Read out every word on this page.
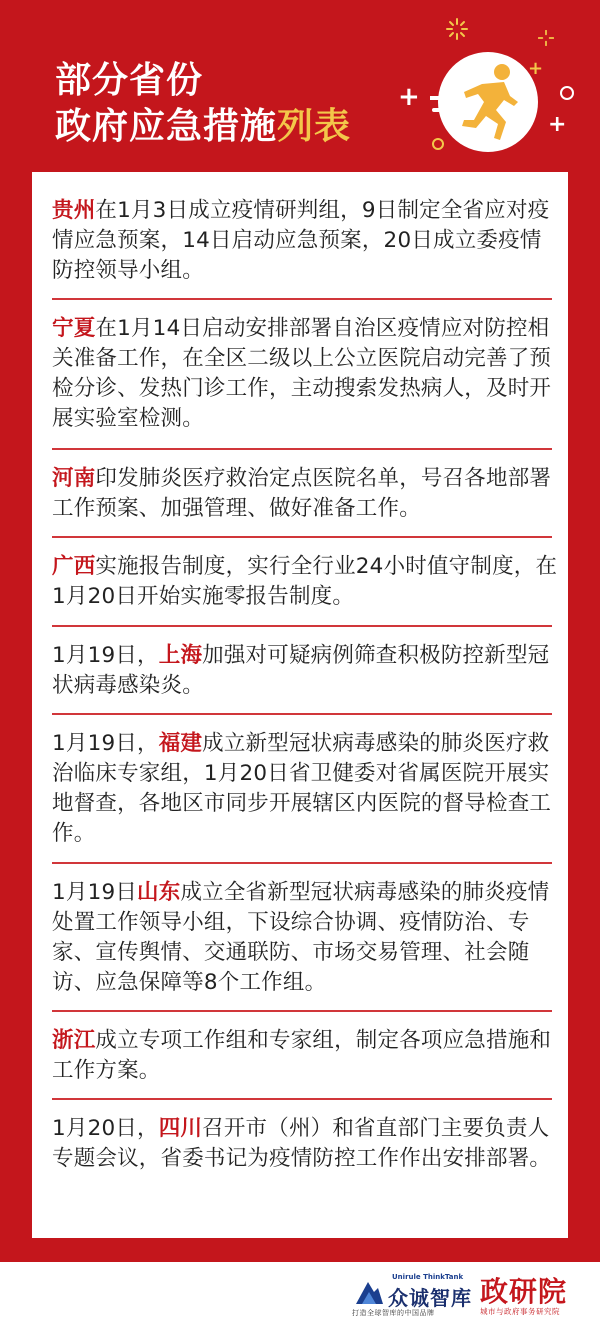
+
+
+
部分省份
政府应急措施列表
贵州在1月3日成立疫情研判组，9日制定全省应对疫情应急预案，14日启动应急预案，20日成立委疫情防控领导小组。
宁夏在1月14日启动安排部署自治区疫情应对防控相关准备工作，在全区二级以上公立医院启动完善了预检分诊、发热门诊工作，主动搜索发热病人，及时开展实验室检测。
河南印发肺炎医疗救治定点医院名单，号召各地部署工作预案、加强管理、做好准备工作。
广西实施报告制度，实行全行业24小时值守制度，在1月20日开始实施零报告制度。
1月19日，上海加强对可疑病例筛查积极防控新型冠状病毒感染炎。
1月19日，福建成立新型冠状病毒感染的肺炎医疗救治临床专家组，1月20日省卫健委对省属医院开展实地督查，各地区市同步开展辖区内医院的督导检查工作。
1月19日山东成立全省新型冠状病毒感染的肺炎疫情处置工作领导小组，下设综合协调、疫情防治、专家、宣传舆情、交通联防、市场交易管理、社会随访、应急保障等8个工作组。
浙江成立专项工作组和专家组，制定各项应急措施和工作方案。
1月20日，四川召开市（州）和省直部门主要负责人专题会议，省委书记为疫情防控工作作出安排部署。
Unirule ThinkTank
众诚智库
打造全球智库的中国品牌
政研院
城市与政府事务研究院
